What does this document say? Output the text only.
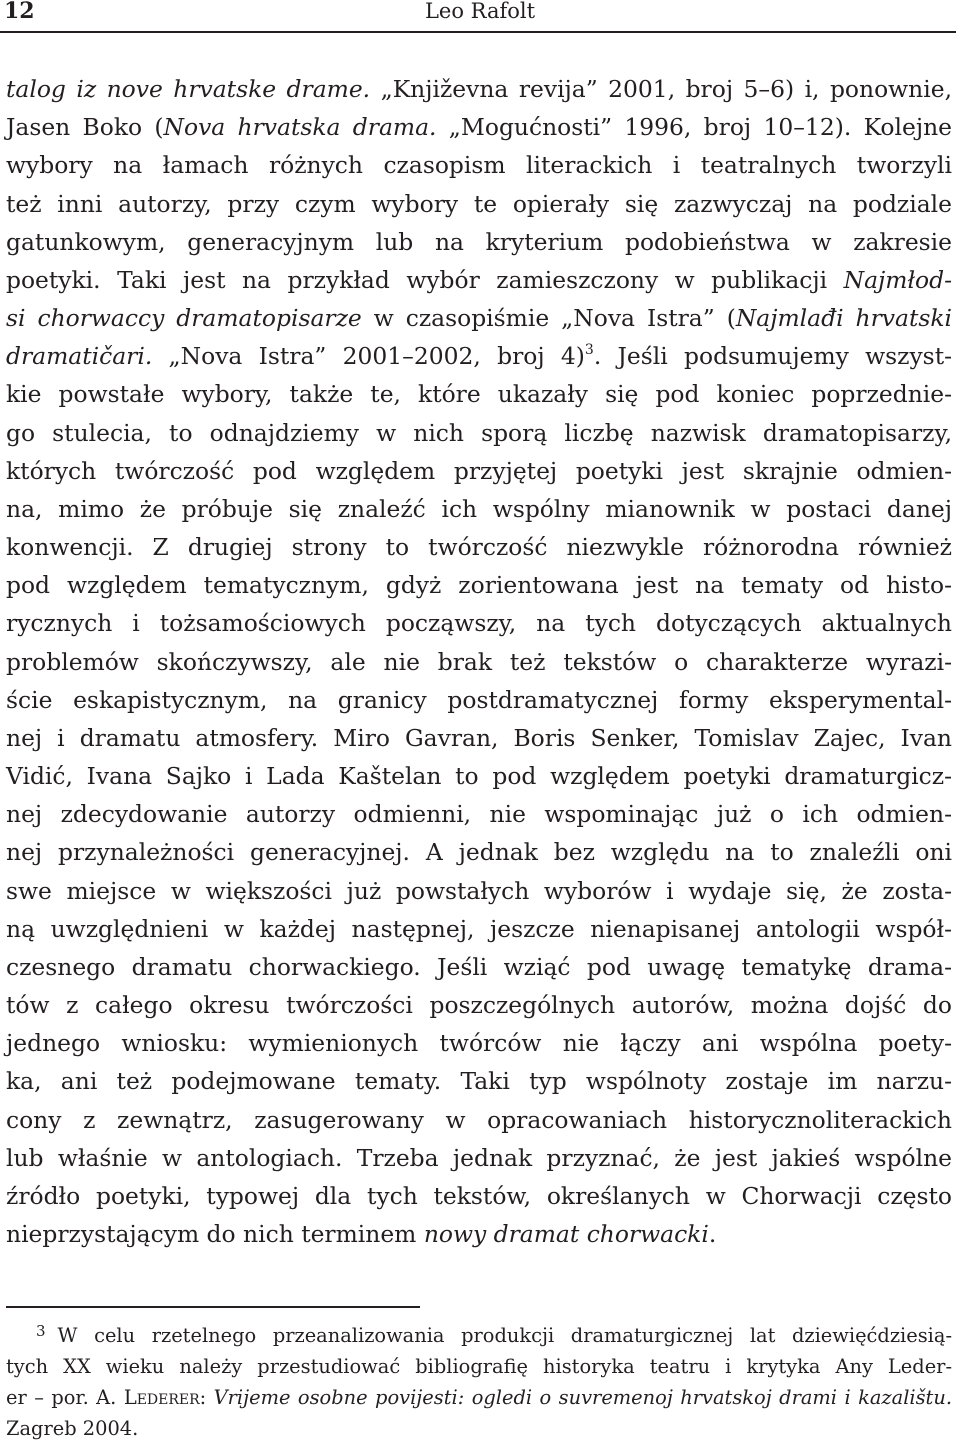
12	Leo Rafolt
talog iz nove hrvatske drame. „Književna revija” 2001, broj 5–6) i, ponownie,
Jasen Boko (Nova hrvatska drama. „Mogućnosti” 1996, broj 10–12). Kolejne
wybory na łamach różnych czasopism literackich i teatralnych tworzyli
też inni autorzy, przy czym wybory te opierały się zazwyczaj na podziale
gatunkowym, generacyjnym lub na kryterium podobieństwa w zakresie
poetyki. Taki jest na przykład wybór zamieszczony w publikacji Najmłod-
si chorwaccy dramatopisarze w czasopiśmie „Nova Istra” (Najmlađi hrvatski
dramatičari. „Nova Istra” 2001–2002, broj 4)$^3$. Jeśli podsumujemy wszyst-
kie powstałe wybory, także te, które ukazały się pod koniec poprzednie-
go stulecia, to odnajdziemy w nich sporą liczbę nazwisk dramatopisarzy,
których twórczość pod względem przyjętej poetyki jest skrajnie odmien-
na, mimo że próbuje się znaleźć ich wspólny mianownik w postaci danej
konwencji. Z drugiej strony to twórczość niezwykle różnorodna również
pod względem tematycznym, gdyż zorientowana jest na tematy od histo-
rycznych i tożsamościowych począwszy, na tych dotyczących aktualnych
problemów skończywszy, ale nie brak też tekstów o charakterze wyrazi-
ście eskapistycznym, na granicy postdramatycznej formy eksperymental-
nej i dramatu atmosfery. Miro Gavran, Boris Senker, Tomislav Zajec, Ivan
Vidić, Ivana Sajko i Lada Kaštelan to pod względem poetyki dramaturgicz-
nej zdecydowanie autorzy odmienni, nie wspominając już o ich odmien-
nej przynależności generacyjnej. A jednak bez względu na to znaleźli oni
swe miejsce w większości już powstałych wyborów i wydaje się, że zosta-
ną uwzględnieni w każdej następnej, jeszcze nienapisanej antologii współ-
czesnego dramatu chorwackiego. Jeśli wziąć pod uwagę tematykę drama-
tów z całego okresu twórczości poszczególnych autorów, można dojść do
jednego wniosku: wymienionych twórców nie łączy ani wspólna poety-
ka, ani też podejmowane tematy. Taki typ wspólnoty zostaje im narzu-
cony z zewnątrz, zasugerowany w opracowaniach historycznoliterackich
lub właśnie w antologiach. Trzeba jednak przyznać, że jest jakieś wspólne
źródło poetyki, typowej dla tych tekstów, określanych w Chorwacji często
nieprzystającym do nich terminem nowy dramat chorwacki.
3 W celu rzetelnego przeanalizowania produkcji dramaturgicznej lat dziewięćdziesią-
tych XX wieku należy przestudiować bibliografię historyka teatru i krytyka Any Leder-
er – por. A. Lederer: Vrijeme osobne povijesti: ogledi o suvremenoj hrvatskoj drami i kazalištu.
Zagreb 2004.
